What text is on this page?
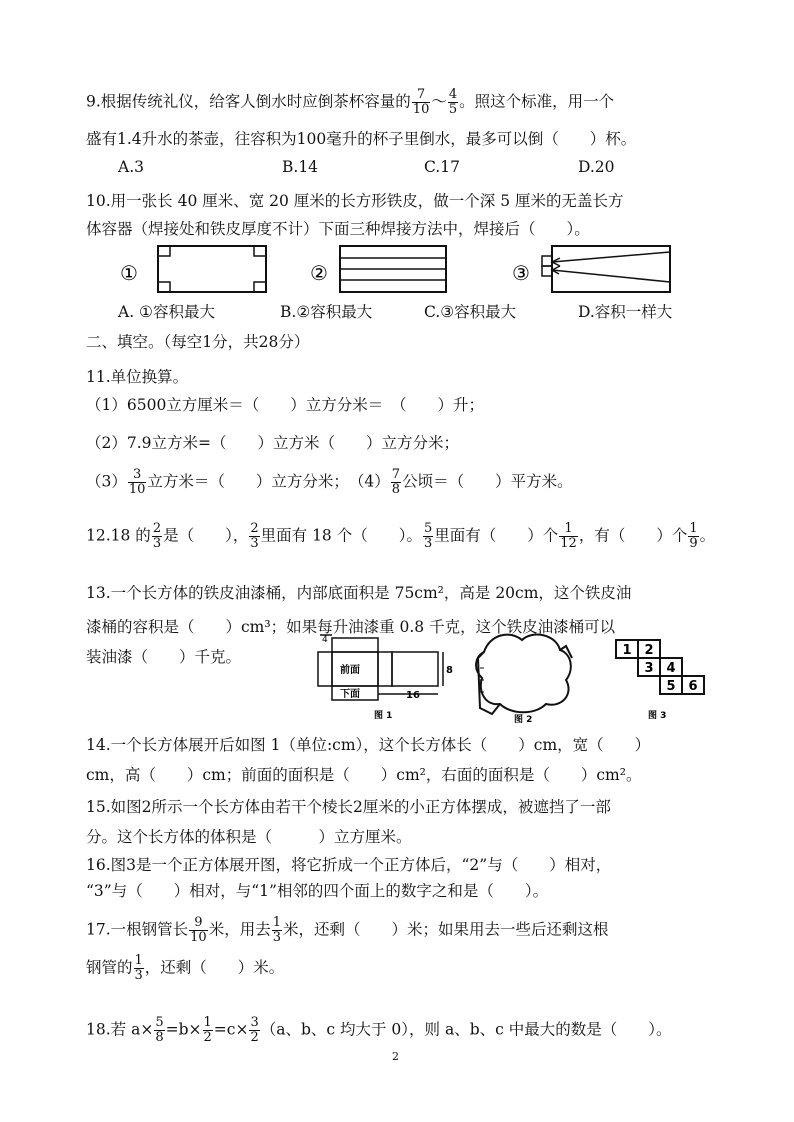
9.根据传统礼仪，给客人倒水时应倒茶杯容量的 $\frac{7}{10}$ ～ $\frac{4}{5}$ 。照这个标准，用一个
盛有1.4升水的茶壶，往容积为100毫升的杯子里倒水，最多可以倒（　　）杯。
A.3	B.14	C.17	D.20
10.用一张长 40 厘米、宽 20 厘米的长方形铁皮，做一个深 5 厘米的无盖长方
体容器（焊接处和铁皮厚度不计）下面三种焊接方法中，焊接后（　　）。
①	②	③
A. ①容积最大	B.②容积最大	C.③容积最大	D.容积一样大
二、填空。（每空1分，共28分）
11.单位换算。
（1）6500立方厘米＝（　　）立方分米＝　（　　）升；
（2）7.9立方米=（　　）立方米（　　）立方分米；
$(3) \frac{3}{10}$ 立方米＝（　　）立方分米；　$(4) \frac{7}{8}$ 公顷＝（　　）平方米。
12.18 的 $\frac{2}{3}$ 是（　　）， $\frac{2}{3}$ 里面有 18 个（　　）。 $\frac{5}{3}$ 里面有（　　）个 $\frac{1}{12}$ ，有（　　）个 $\frac{1}{9}$ 。
13.一个长方体的铁皮油漆桶，内部底面积是 75cm²，高是 20cm，这个铁皮油
漆桶的容积是（　　）cm³；如果每升油漆重 0.8 千克，这个铁皮油漆桶可以
装油漆（　　）千克。
4
前面
下面	16
8
图 1	图 2
1 2
3 4
5 6
图 3
14.一个长方体展开后如图 1（单位:cm），这个长方体长（　　）cm，宽（　　）
cm，高（　　）cm；前面的面积是（　　）cm²，右面的面积是（　　）cm²。
15.如图2所示一个长方体由若干个棱长2厘米的小正方体摆成，被遮挡了一部
分。这个长方体的体积是（　　　）立方厘米。
16.图3是一个正方体展开图，将它折成一个正方体后，“2”与（　　）相对，
“3”与（　　）相对，与“1”相邻的四个面上的数字之和是（　　）。
17.一根钢管长 $\frac{9}{10}$ 米，用去 $\frac{1}{3}$ 米，还剩（　　）米；如果用去一些后还剩这根
钢管的 $\frac{1}{3}$ ，还剩（　　）米。
18.若 $a\times \frac{5}{8} =b\times \frac{1}{2} =c\times \frac{3}{2} (a$、b、c 均大于 0），则 a、b、c 中最大的数是（　　）。
2
